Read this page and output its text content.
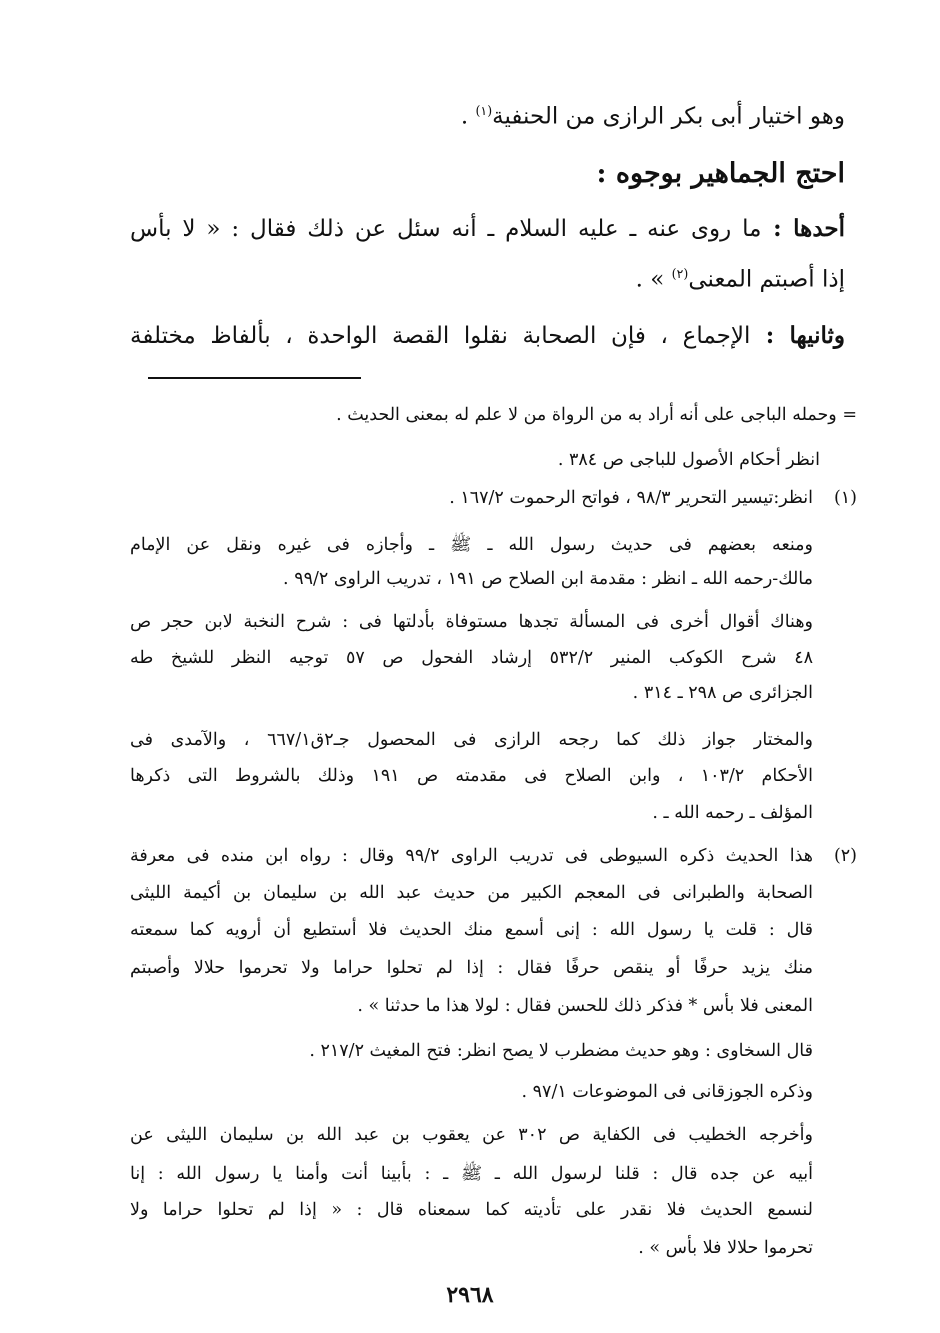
وهو اختيار أبى بكر الرازى من الحنفية$^{(١)}$ .
احتج الجماهير بوجوه :
أحدها : ما روى عنه ـ عليه السلام ـ أنه سئل عن ذلك فقال : « لا بأس
إذا أصبتم المعنى$^{(٢)}$ » .
وثانيها : الإجماع ، فإن الصحابة نقلوا القصة الواحدة ، بألفاظ مختلفة
= وحمله الباجى على أنه أراد به من الرواة من لا علم له بمعنى الحديث .
انظر أحكام الأصول للباجى ص ٣٨٤ .
(١)
انظر:تيسير التحرير ٩٨/٣ ، فواتح الرحموت ١٦٧/٢ .
ومنعه بعضهم فى حديث رسول الله ـ ﷺ ـ وأجازه فى غيره ونقل عن الإمام
مالك-رحمه الله ـ انظر : مقدمة ابن الصلاح ص ١٩١ ، تدريب الراوى ٩٩/٢ .
وهناك أقوال أخرى فى المسألة تجدها مستوفاة بأدلتها فى : شرح النخبة لابن حجر ص
٤٨ شرح الكوكب المنير ٥٣٢/٢ إرشاد الفحول ص ٥٧ توجيه النظر للشيخ طه
الجزائرى ص ٢٩٨ ـ ٣١٤ .
والمختار جواز ذلك كما رجحه الرازى فى المحصول جـ٢ق٦٦٧/١ ، والآمدى فى
الأحكام ١٠٣/٢ ، وابن الصلاح فى مقدمته ص ١٩١ وذلك بالشروط التى ذكرها
المؤلف ـ رحمه الله ـ .
(٢)
هذا الحديث ذكره السيوطى فى تدريب الراوى ٩٩/٢ وقال : رواه ابن منده فى معرفة
الصحابة والطبرانى فى المعجم الكبير من حديث عبد الله بن سليمان بن أكيمة الليثى
قال : قلت يا رسول الله : إنى أسمع منك الحديث فلا أستطيع أن أرويه كما سمعته
منك يزيد حرفًا أو ينقص حرفًا فقال : إذا لم تحلوا حراما ولا تحرموا حلالا وأصبتم
المعنى فلا بأس * فذكر ذلك للحسن فقال : لولا هذا ما حدثنا » .
قال السخاوى : وهو حديث مضطرب لا يصح انظر: فتح المغيث ٢١٧/٢ .
وذكره الجوزقانى فى الموضوعات ٩٧/١ .
وأخرجه الخطيب فى الكفاية ص ٣٠٢ عن يعقوب بن عبد الله بن سليمان الليثى عن
أبيه عن جده قال : قلنا لرسول الله ـ ﷺ ـ : بأبينا أنت وأمنا يا رسول الله : إنا
لنسمع الحديث فلا نقدر على تأديته كما سمعناه قال : « إذا لم تحلوا حراما ولا
تحرموا حلالا فلا بأس » .
٢٩٦٨
